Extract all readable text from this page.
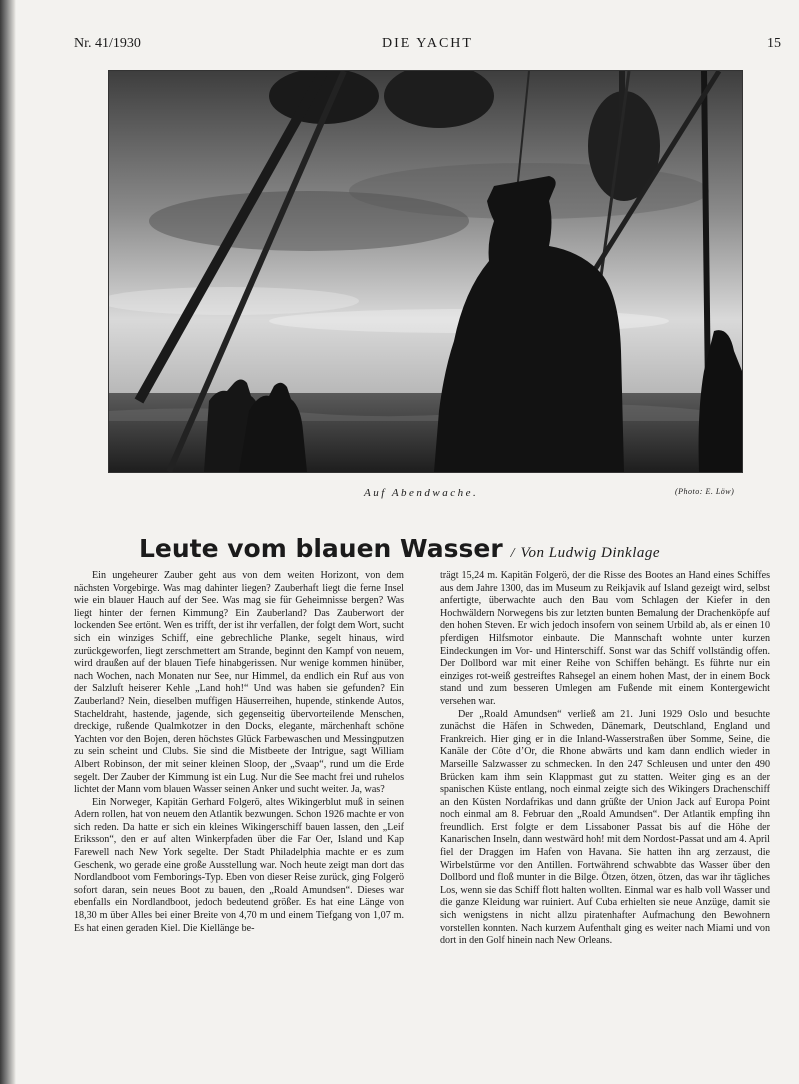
Nr. 41/1930	DIE YACHT	15
Auf Abendwache.	(Photo: E. Löw)
Leute vom blauen Wasser / Von Ludwig Dinklage

Ein ungeheurer Zauber geht aus von dem weiten Horizont, von dem nächsten Vorgebirge. Was mag dahinter liegen? Zauberhaft liegt die ferne Insel wie ein blauer Hauch auf der See. Was mag sie für Geheimnisse bergen? Was liegt hinter der fernen Kimmung? Ein Zauberland? Das Zauberwort der lockenden See ertönt. Wen es trifft, der ist ihr verfallen, der folgt dem Wort, sucht sich ein winziges Schiff, eine gebrechliche Planke, segelt hinaus, wird zurückgeworfen, liegt zerschmettert am Strande, beginnt den Kampf von neuem, wird draußen auf der blauen Tiefe hinabgerissen. Nur wenige kommen hinüber, nach Wochen, nach Monaten nur See, nur Himmel, da endlich ein Ruf aus von der Salzluft heiserer Kehle „Land hoh!“ Und was haben sie gefunden? Ein Zauberland? Nein, dieselben muffigen Häuserreihen, hupende, stinkende Autos, Stacheldraht, hastende, jagende, sich gegenseitig übervorteilende Menschen, dreckige, rußende Qualmkotzer in den Docks, elegante, märchenhaft schöne Yachten vor den Bojen, deren höchstes Glück Farbewaschen und Messingputzen zu sein scheint und Clubs. Sie sind die Mistbeete der Intrigue, sagt William Albert Robinson, der mit seiner kleinen Sloop, der „Svaap“, rund um die Erde segelt. Der Zauber der Kimmung ist ein Lug. Nur die See macht frei und ruhelos lichtet der Mann vom blauen Wasser seinen Anker und sucht weiter. Ja, was?

Ein Norweger, Kapitän Gerhard Folgerö, altes Wikingerblut muß in seinen Adern rollen, hat von neuem den Atlantik bezwungen. Schon 1926 machte er von sich reden. Da hatte er sich ein kleines Wikingerschiff bauen lassen, den „Leif Eriksson“, den er auf alten Winkerpfaden über die Far Oer, Island und Kap Farewell nach New York segelte. Der Stadt Philadelphia machte er es zum Geschenk, wo gerade eine große Ausstellung war. Noch heute zeigt man dort das Nordlandboot vom Femborings-Typ. Eben von dieser Reise zurück, ging Folgerö sofort daran, sein neues Boot zu bauen, den „Roald Amundsen“. Dieses war ebenfalls ein Nordlandboot, jedoch bedeutend größer. Es hat eine Länge von 18,30 m über Alles bei einer Breite von 4,70 m und einem Tiefgang von 1,07 m. Es hat einen geraden Kiel. Die Kiellänge be-

trägt 15,24 m. Kapitän Folgerö, der die Risse des Bootes an Hand eines Schiffes aus dem Jahre 1300, das im Museum zu Reikjavik auf Island gezeigt wird, selbst anfertigte, überwachte auch den Bau vom Schlagen der Kiefer in den Hochwäldern Norwegens bis zur letzten bunten Bemalung der Drachenköpfe auf den hohen Steven. Er wich jedoch insofern von seinem Urbild ab, als er einen 10 pferdigen Hilfsmotor einbaute. Die Mannschaft wohnte unter kurzen Eindeckungen im Vor- und Hinterschiff. Sonst war das Schiff vollständig offen. Der Dollbord war mit einer Reihe von Schiffen behängt. Es führte nur ein einziges rot-weiß gestreiftes Rahsegel an einem hohen Mast, der in einem Bock stand und zum besseren Umlegen am Fußende mit einem Kontergewicht versehen war.

Der „Roald Amundsen“ verließ am 21. Juni 1929 Oslo und besuchte zunächst die Häfen in Schweden, Dänemark, Deutschland, England und Frankreich. Hier ging er in die Inland-Wasserstraßen über Somme, Seine, die Kanäle der Côte d’Or, die Rhone abwärts und kam dann endlich wieder in Marseille Salzwasser zu schmecken. In den 247 Schleusen und unter den 490 Brücken kam ihm sein Klappmast gut zu statten. Weiter ging es an der spanischen Küste entlang, noch einmal zeigte sich des Wikingers Drachenschiff an den Küsten Nordafrikas und dann grüßte der Union Jack auf Europa Point noch einmal am 8. Februar den „Roald Amundsen“. Der Atlantik empfing ihn freundlich. Erst folgte er dem Lissaboner Passat bis auf die Höhe der Kanarischen Inseln, dann westwärd hoh! mit dem Nordost-Passat und am 4. April fiel der Draggen im Hafen von Havana. Sie hatten ihn arg zerzaust, die Wirbelstürme vor den Antillen. Fortwährend schwabbte das Wasser über den Dollbord und floß munter in die Bilge. Ötzen, ötzen, ötzen, das war ihr tägliches Los, wenn sie das Schiff flott halten wollten. Einmal war es halb voll Wasser und die ganze Kleidung war ruiniert. Auf Cuba erhielten sie neue Anzüge, damit sie sich wenigstens in nicht allzu piratenhafter Aufmachung den Bewohnern vorstellen konnten. Nach kurzem Aufenthalt ging es weiter nach Miami und von dort in den Golf hinein nach New Orleans.
